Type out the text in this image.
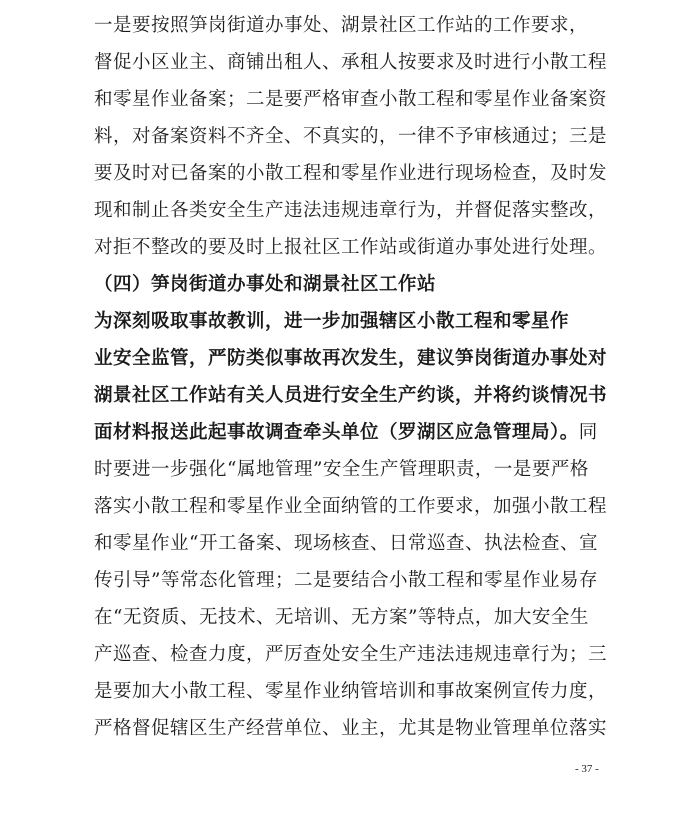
一是要按照笋岗街道办事处、湖景社区工作站的工作要求，
督促小区业主、商铺出租人、承租人按要求及时进行小散工程
和零星作业备案；二是要严格审查小散工程和零星作业备案资
料，对备案资料不齐全、不真实的，一律不予审核通过；三是
要及时对已备案的小散工程和零星作业进行现场检查，及时发
现和制止各类安全生产违法违规违章行为，并督促落实整改，
对拒不整改的要及时上报社区工作站或街道办事处进行处理。
（四）笋岗街道办事处和湖景社区工作站
为深刻吸取事故教训，进一步加强辖区小散工程和零星作
业安全监管，严防类似事故再次发生，建议笋岗街道办事处对
湖景社区工作站有关人员进行安全生产约谈，并将约谈情况书
面材料报送此起事故调查牵头单位（罗湖区应急管理局）。同
时要进一步强化“属地管理”安全生产管理职责，一是要严格
落实小散工程和零星作业全面纳管的工作要求，加强小散工程
和零星作业“开工备案、现场核查、日常巡查、执法检查、宣
传引导”等常态化管理；二是要结合小散工程和零星作业易存
在“无资质、无技术、无培训、无方案”等特点，加大安全生
产巡查、检查力度，严厉查处安全生产违法违规违章行为；三
是要加大小散工程、零星作业纳管培训和事故案例宣传力度，
严格督促辖区生产经营单位、业主，尤其是物业管理单位落实
- 37 -
